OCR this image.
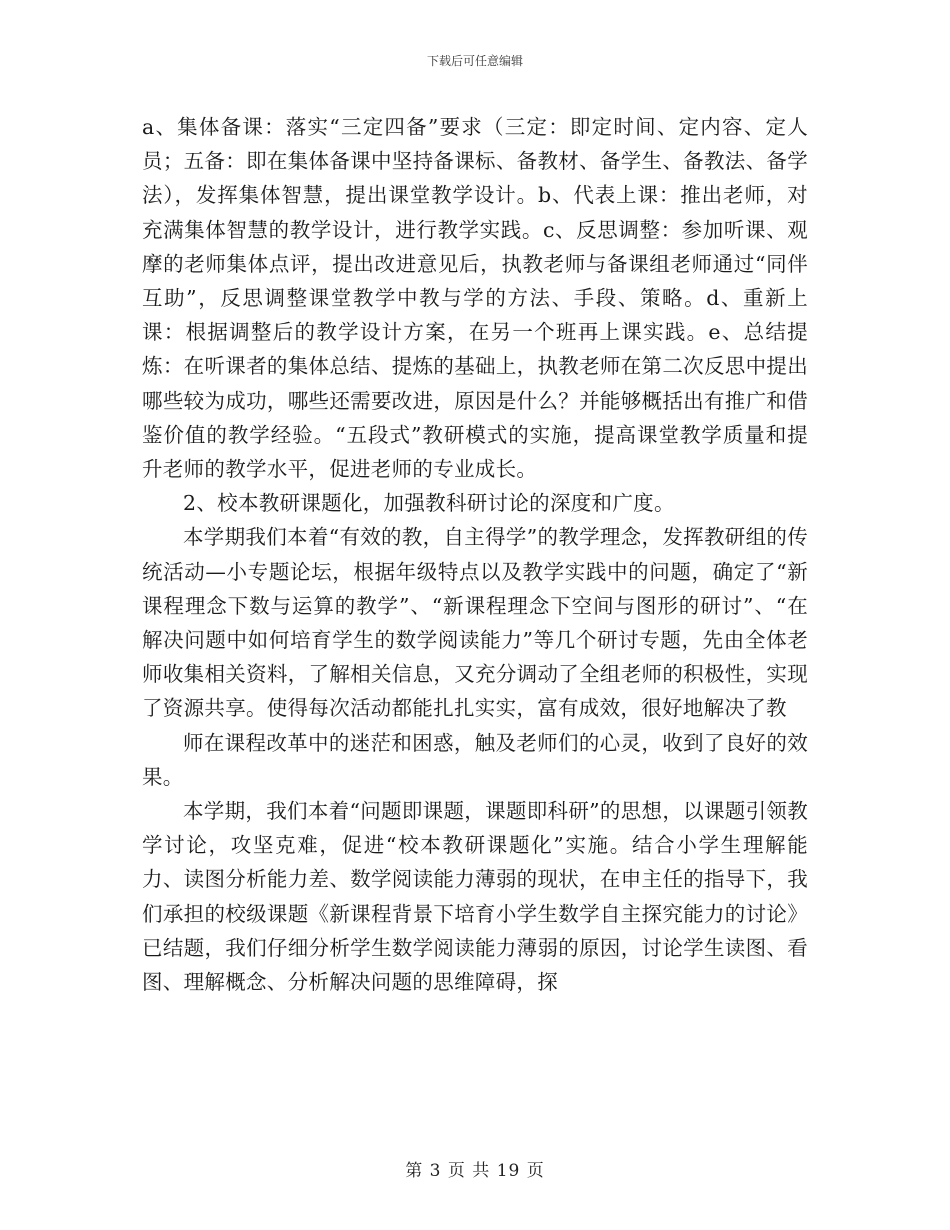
下载后可任意编辑

a、集体备课：落实“三定四备”要求（三定：即定时间、定内容、定人员；五备：即在集体备课中坚持备课标、备教材、备学生、备教法、备学法），发挥集体智慧，提出课堂教学设计。b、代表上课：推出老师，对充满集体智慧的教学设计，进行教学实践。c、反思调整：参加听课、观摩的老师集体点评，提出改进意见后，执教老师与备课组老师通过“同伴互助”，反思调整课堂教学中教与学的方法、手段、策略。d、重新上课：根据调整后的教学设计方案，在另一个班再上课实践。e、总结提炼：在听课者的集体总结、提炼的基础上，执教老师在第二次反思中提出哪些较为成功，哪些还需要改进，原因是什么？并能够概括出有推广和借鉴价值的教学经验。“五段式”教研模式的实施，提高课堂教学质量和提升老师的教学水平，促进老师的专业成长。

2、校本教研课题化，加强教科研讨论的深度和广度。

本学期我们本着“有效的教，自主得学”的教学理念，发挥教研组的传统活动—小专题论坛，根据年级特点以及教学实践中的问题，确定了“新课程理念下数与运算的教学”、“新课程理念下空间与图形的研讨”、“在解决问题中如何培育学生的数学阅读能力”等几个研讨专题，先由全体老师收集相关资料，了解相关信息，又充分调动了全组老师的积极性，实现了资源共享。使得每次活动都能扎扎实实，富有成效，很好地解决了教

师在课程改革中的迷茫和困惑，触及老师们的心灵，收到了良好的效果。

本学期，我们本着“问题即课题，课题即科研”的思想，以课题引领教学讨论，攻坚克难，促进“校本教研课题化”实施。结合小学生理解能力、读图分析能力差、数学阅读能力薄弱的现状，在申主任的指导下，我们承担的校级课题《新课程背景下培育小学生数学自主探究能力的讨论》已结题，我们仔细分析学生数学阅读能力薄弱的原因，讨论学生读图、看图、理解概念、分析解决问题的思维障碍，探

第 3 页 共 19 页
